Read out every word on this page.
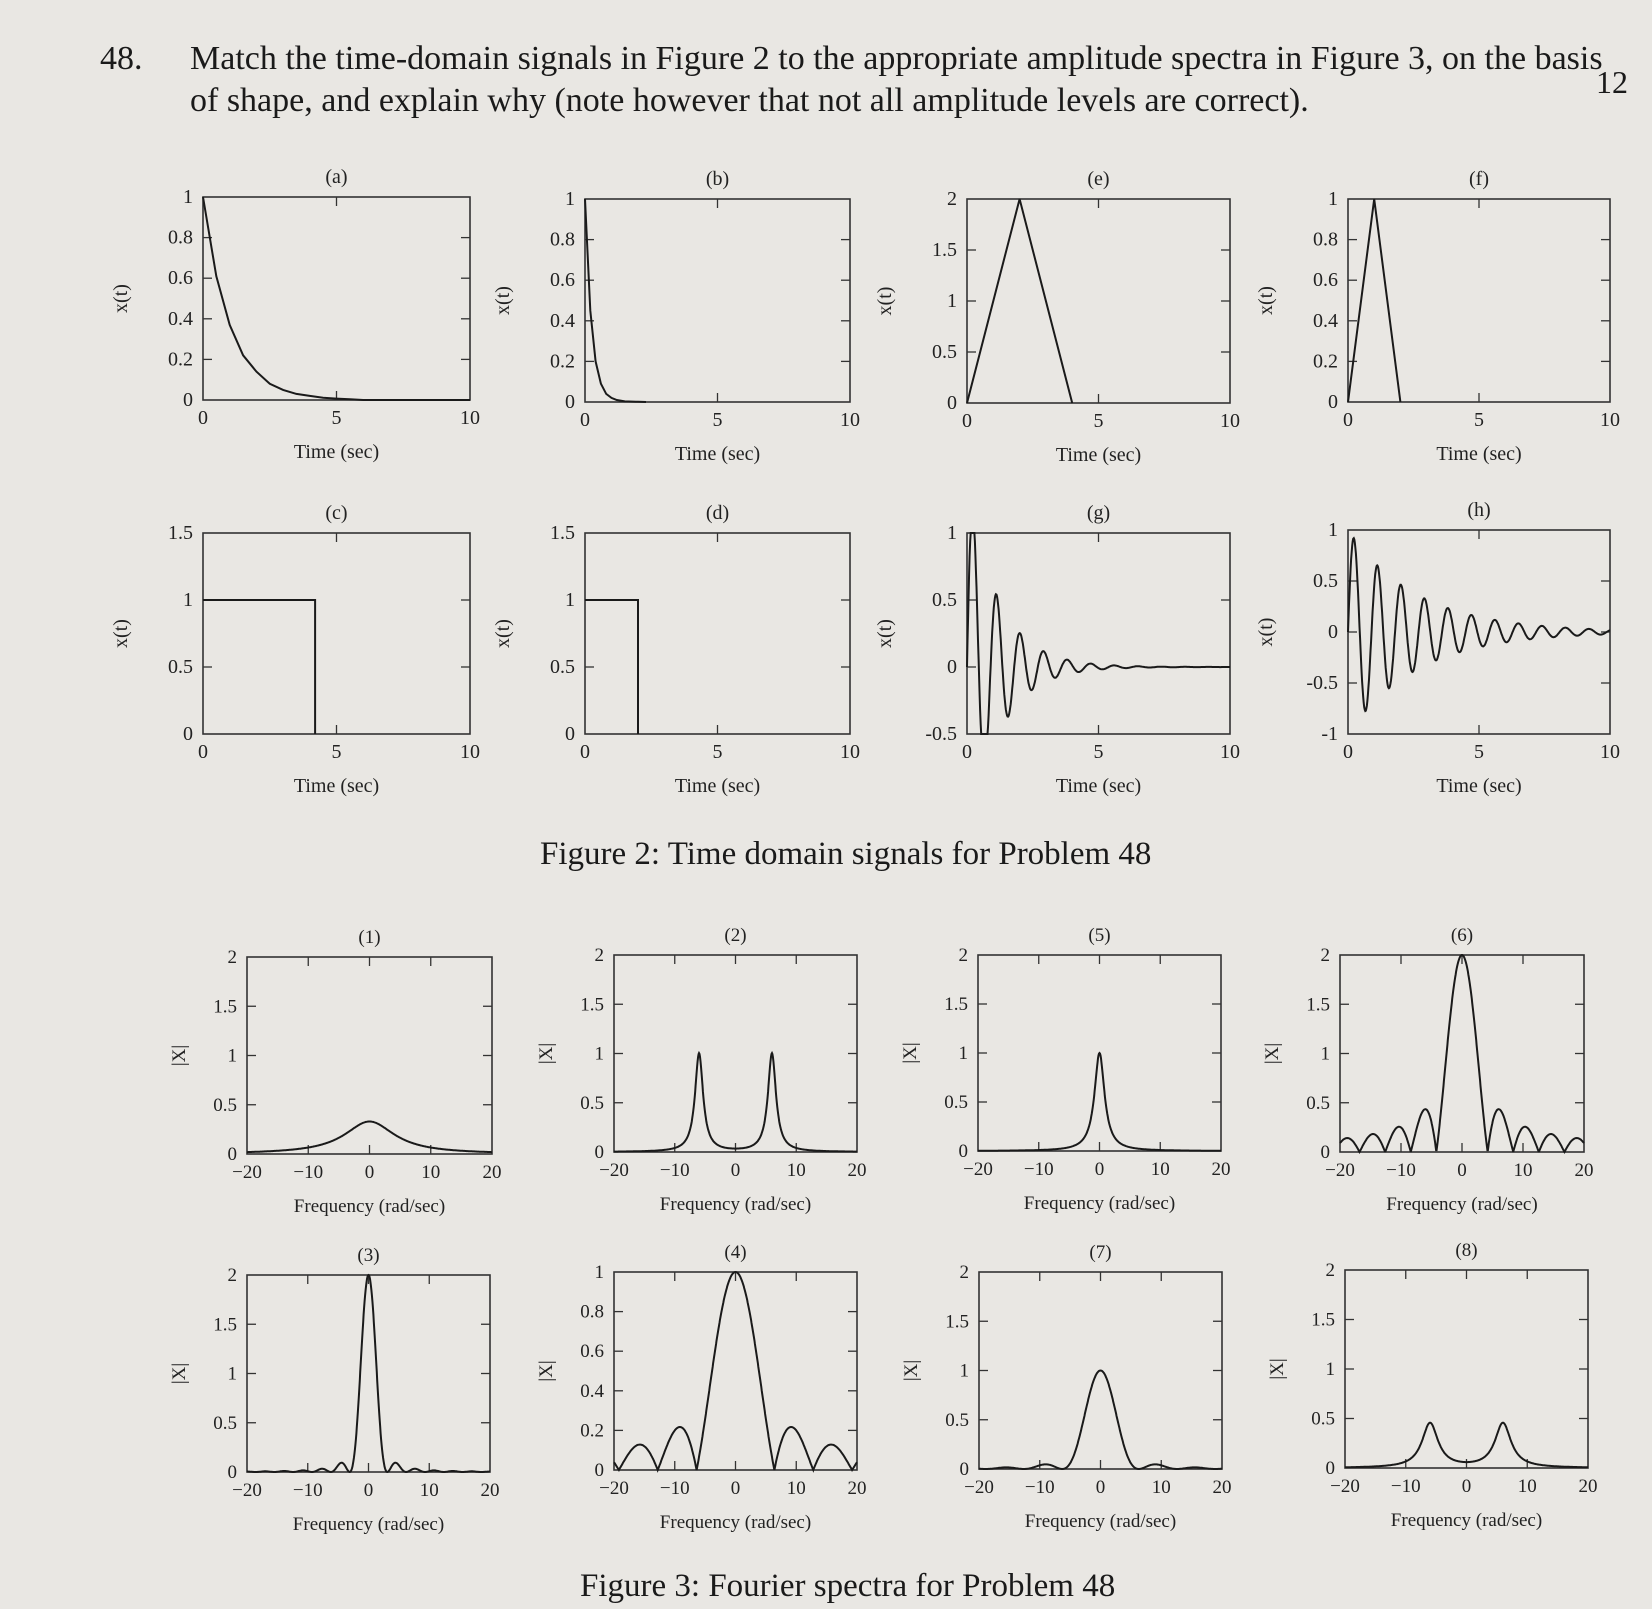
48. Match the time-domain signals in Figure 2 to the appropriate amplitude spectra in Figure 3, on the basis of shape, and explain why (note however that not all amplitude levels are correct).	12
(a)
0	5	10
0
0.2
0.4
0.6
0.8
1
Time (sec)
x(t)
(b)
0	5	10
0
0.2
0.4
0.6
0.8
1
Time (sec)
x(t)
(e)
0	5	10
0
0.5
1
1.5
2
Time (sec)
x(t)
(f)
0	5	10
0
0.2
0.4
0.6
0.8
1
Time (sec)
x(t)
(c)
0	5	10
0
0.5
1
1.5
Time (sec)
x(t)
(d)
0	5	10
0
0.5
1
1.5
Time (sec)
x(t)
(g)
0	5	10
-0.5
0
0.5
1
Time (sec)
x(t)
(h)
0	5	10
-1
-0.5
0
0.5
1
Time (sec)
x(t)
(1)
−20 −10 0 10 20
0
0.5
1
1.5
2
Frequency (rad/sec)
|X|
(2)
−20 −10 0 10 20
0
0.5
1
1.5
2
Frequency (rad/sec)
|X|
(5)
−20 −10 0 10 20
0
0.5
1
1.5
2
Frequency (rad/sec)
|X|
(6)
−20 −10 0 10 20
0
0.5
1
1.5
2
Frequency (rad/sec)
|X|
(3)
−20 −10 0 10 20
0
0.5
1
1.5
2
Frequency (rad/sec)
|X|
(4)
−20 −10 0 10 20
0
0.2
0.4
0.6
0.8
1
Frequency (rad/sec)
|X|
(7)
−20 −10 0 10 20
0
0.5
1
1.5
2
Frequency (rad/sec)
|X|
(8)
−20 −10 0 10 20
0
0.5
1
1.5
2
Frequency (rad/sec)
|X|
Figure 2: Time domain signals for Problem 48
Figure 3: Fourier spectra for Problem 48
